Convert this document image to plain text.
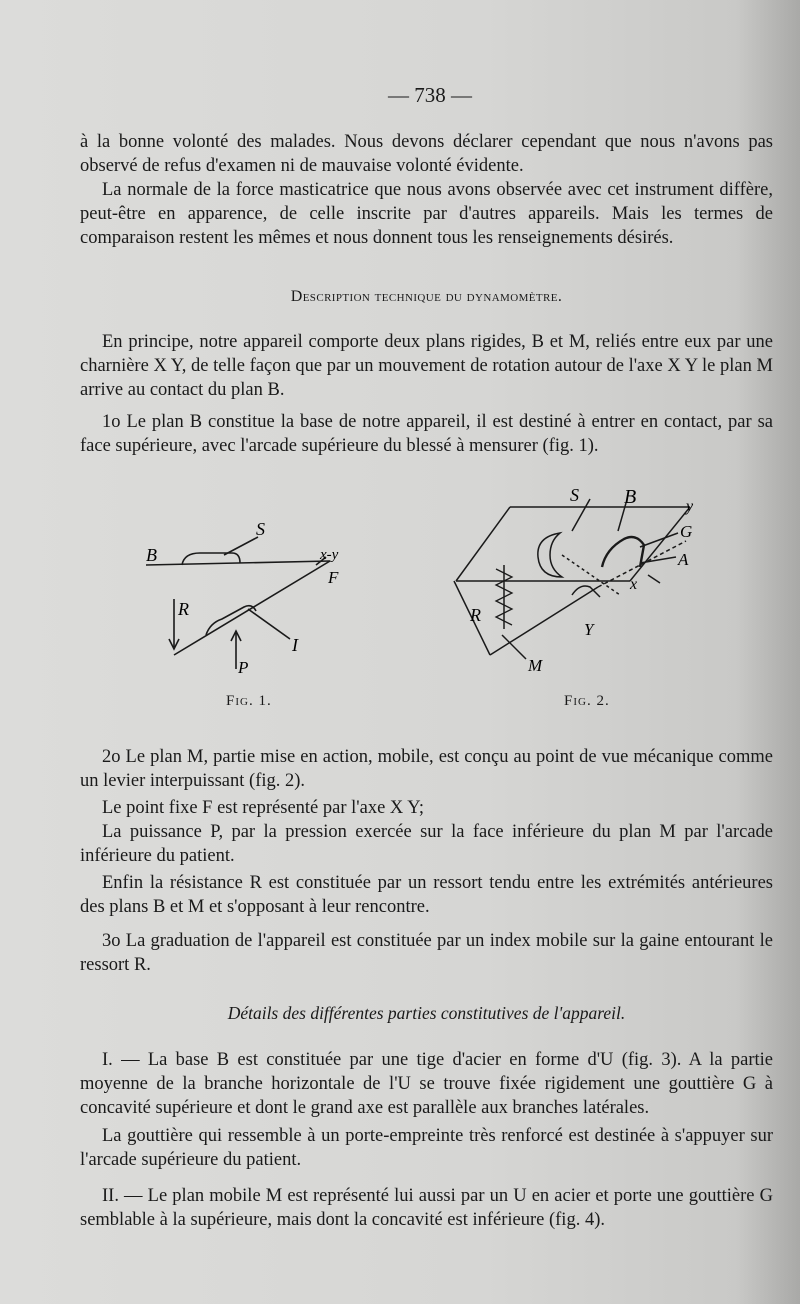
— 738 —

à la bonne volonté des malades. Nous devons déclarer cependant que nous n'avons pas observé de refus d'examen ni de mauvaise volonté évidente.

La normale de la force masticatrice que nous avons observée avec cet instrument diffère, peut-être en apparence, de celle inscrite par d'autres appareils. Mais les termes de comparaison restent les mêmes et nous donnent tous les renseignements désirés.

Description technique du dynamomètre.

En principe, notre appareil comporte deux plans rigides, B et M, reliés entre eux par une charnière X Y, de telle façon que par un mouvement de rotation autour de l'axe X Y le plan M arrive au contact du plan B.

1o Le plan B constitue la base de notre appareil, il est destiné à entrer en contact, par sa face supérieure, avec l'arcade supérieure du blessé à mensurer (fig. 1).

S
B	x-y
F
R
I
P
Fig. 1.
S B	y
G
A
x
R
Y
M
Fig. 2.

2o Le plan M, partie mise en action, mobile, est conçu au point de vue mécanique comme un levier interpuissant (fig. 2).

Le point fixe F est représenté par l'axe X Y;

La puissance P, par la pression exercée sur la face inférieure du plan M par l'arcade inférieure du patient.

Enfin la résistance R est constituée par un ressort tendu entre les extrémités antérieures des plans B et M et s'opposant à leur rencontre.

3o La graduation de l'appareil est constituée par un index mobile sur la gaine entourant le ressort R.

Détails des différentes parties constitutives de l'appareil.

I. — La base B est constituée par une tige d'acier en forme d'U (fig. 3). A la partie moyenne de la branche horizontale de l'U se trouve fixée rigidement une gouttière G à concavité supérieure et dont le grand axe est parallèle aux branches latérales.

La gouttière qui ressemble à un porte-empreinte très renforcé est destinée à s'appuyer sur l'arcade supérieure du patient.

II. — Le plan mobile M est représenté lui aussi par un U en acier et porte une gouttière G semblable à la supérieure, mais dont la concavité est inférieure (fig. 4).
